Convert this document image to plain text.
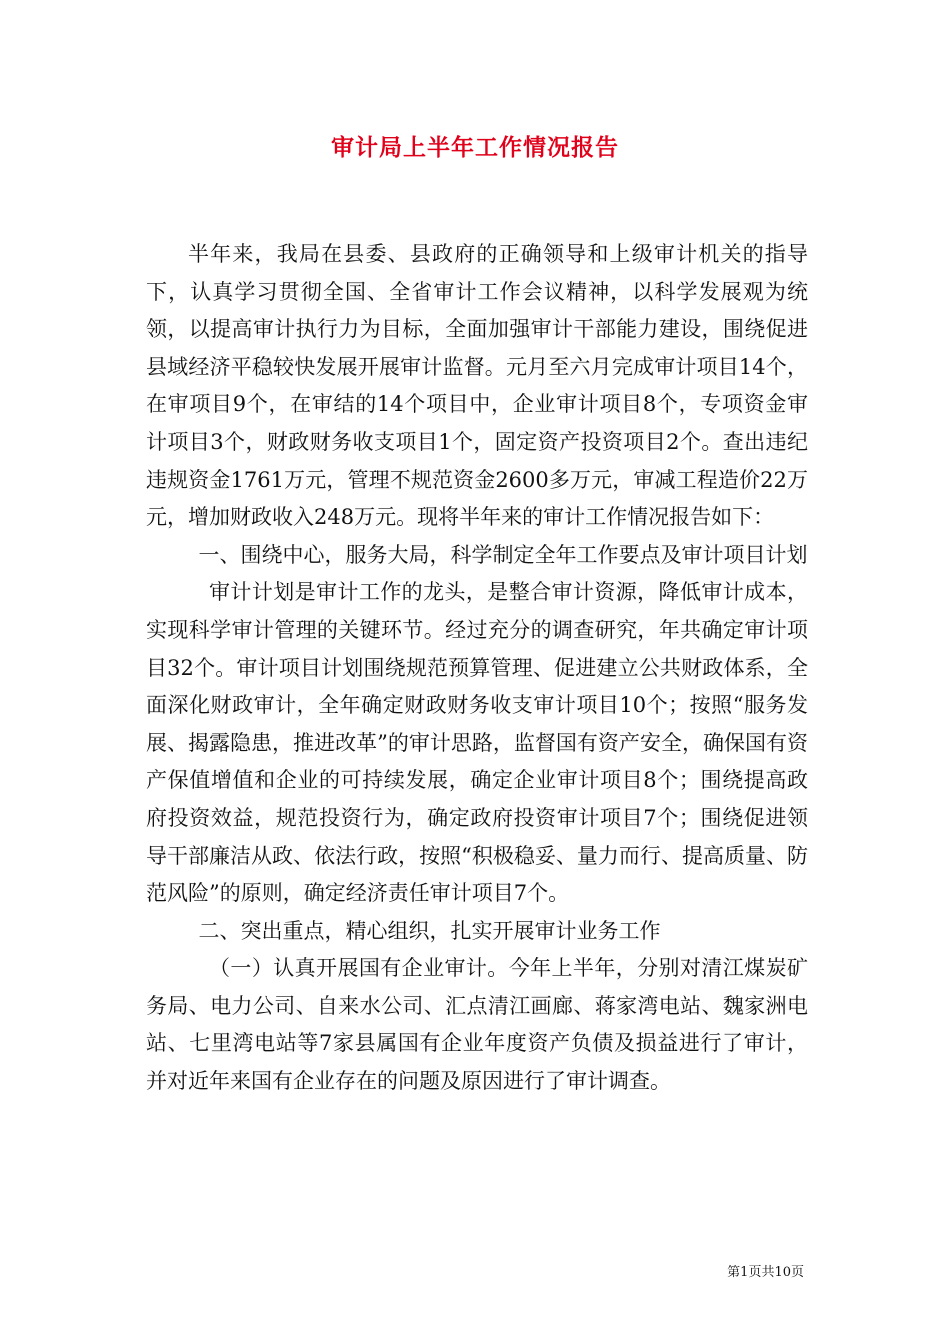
审计局上半年工作情况报告

半年来，我局在县委、县政府的正确领导和上级审计机关的指导下，认真学习贯彻全国、全省审计工作会议精神，以科学发展观为统领，以提高审计执行力为目标，全面加强审计干部能力建设，围绕促进县域经济平稳较快发展开展审计监督。元月至六月完成审计项目14个，在审项目9个，在审结的14个项目中，企业审计项目8个，专项资金审计项目3个，财政财务收支项目1个，固定资产投资项目2个。查出违纪违规资金1761万元，管理不规范资金2600多万元，审减工程造价22万元，增加财政收入248万元。现将半年来的审计工作情况报告如下：

一、围绕中心，服务大局，科学制定全年工作要点及审计项目计划

审计计划是审计工作的龙头，是整合审计资源，降低审计成本，实现科学审计管理的关键环节。经过充分的调查研究，年共确定审计项目32个。审计项目计划围绕规范预算管理、促进建立公共财政体系，全面深化财政审计，全年确定财政财务收支审计项目10个；按照“服务发展、揭露隐患，推进改革”的审计思路，监督国有资产安全，确保国有资产保值增值和企业的可持续发展，确定企业审计项目8个；围绕提高政府投资效益，规范投资行为，确定政府投资审计项目7个；围绕促进领导干部廉洁从政、依法行政，按照“积极稳妥、量力而行、提高质量、防范风险”的原则，确定经济责任审计项目7个。

二、突出重点，精心组织，扎实开展审计业务工作

（一）认真开展国有企业审计。今年上半年，分别对清江煤炭矿务局、电力公司、自来水公司、汇点清江画廊、蒋家湾电站、魏家洲电站、七里湾电站等7家县属国有企业年度资产负债及损益进行了审计，并对近年来国有企业存在的问题及原因进行了审计调查。

第1页共10页
